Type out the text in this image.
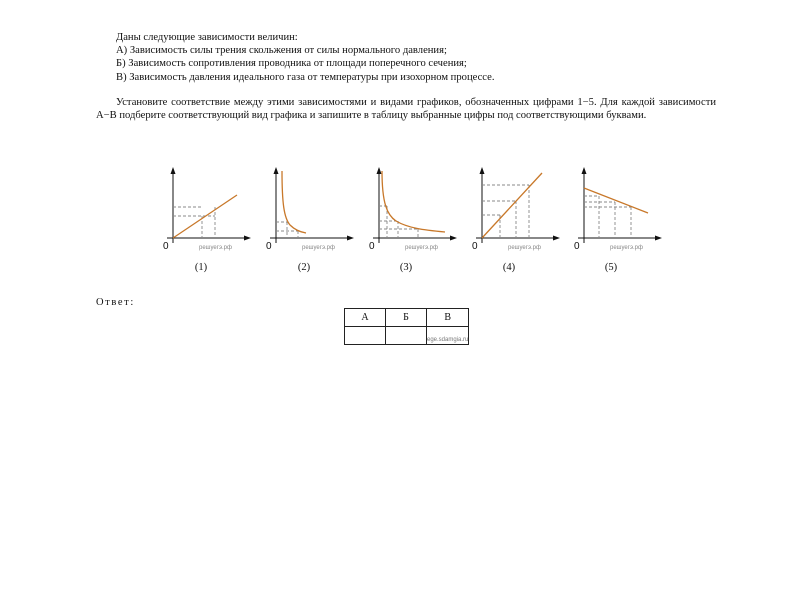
Даны следующие зависимости величин:
А) Зависимость силы трения скольжения от силы нормального давления;
Б) Зависимость сопротивления проводника от площади поперечного сечения;
В) Зависимость давления идеального газа от температуры при изохорном процессе.
Установите соответствие между этими зависимостями и видами графиков, обозначенных цифрами 1−5. Для каждой зависимости А−В подберите соответствующий вид графика и запишите в таблицу выбранные цифры под соответствующими буквами.
0	решуегэ.рф	0	решуегэ.рф	0	решуегэ.рф	0	решуегэ.рф	0	решуегэ.рф
(1)	(2)	(3)	(4)	(5)
Ответ:
А	Б	В
		ege.sdamgia.ru
